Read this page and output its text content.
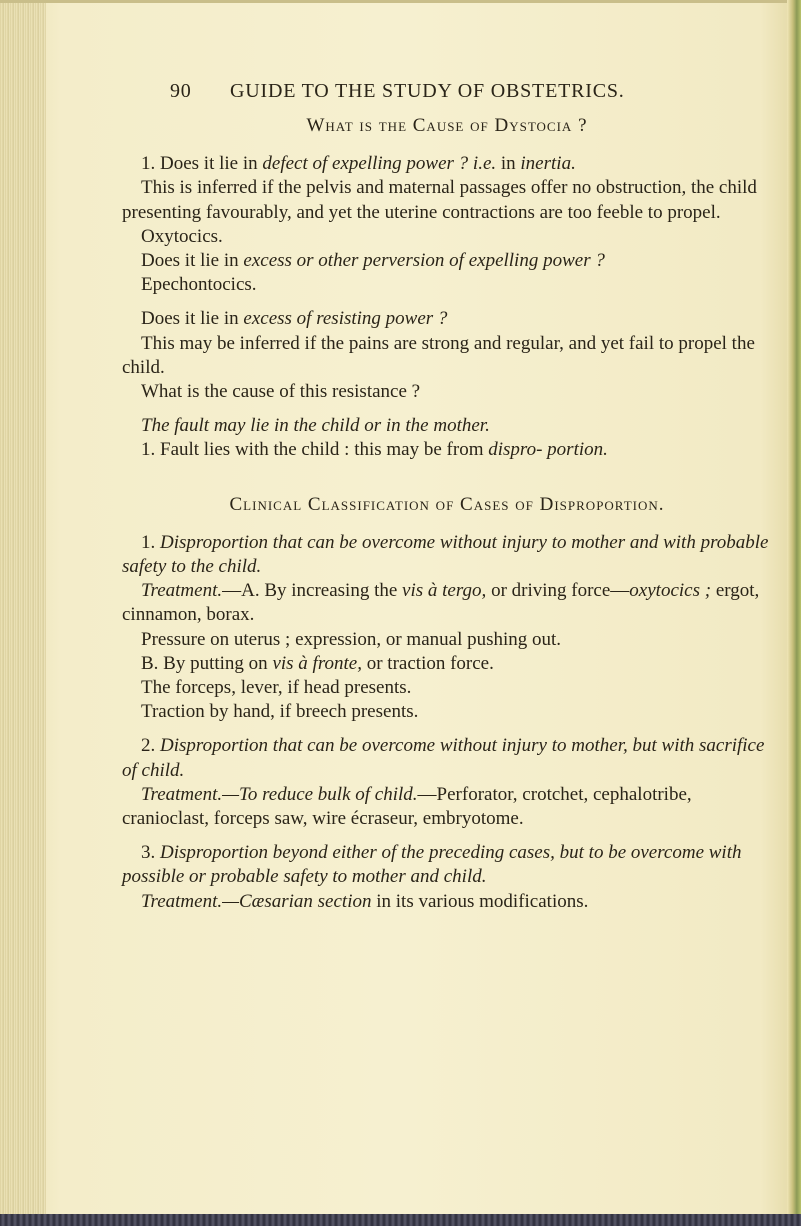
90 GUIDE TO THE STUDY OF OBSTETRICS.

What is the Cause of Dystocia ?

1. Does it lie in defect of expelling power ? i.e. in inertia.

This is inferred if the pelvis and maternal passages offer no obstruction, the child presenting favourably, and yet the uterine contractions are too feeble to propel.

Oxytocics.

Does it lie in excess or other perversion of expelling power ?

Epechontocics.

Does it lie in excess of resisting power ?

This may be inferred if the pains are strong and regular, and yet fail to propel the child.

What is the cause of this resistance ?

The fault may lie in the child or in the mother.

1. Fault lies with the child : this may be from dispro- portion.

Clinical Classification of Cases of Disproportion.

1. Disproportion that can be overcome without injury to mother and with probable safety to the child.

Treatment.—A. By increasing the vis à tergo, or driving force—oxytocics ; ergot, cinnamon, borax.

Pressure on uterus ; expression, or manual pushing out.

B. By putting on vis à fronte, or traction force.

The forceps, lever, if head presents.

Traction by hand, if breech presents.

2. Disproportion that can be overcome without injury to mother, but with sacrifice of child.

Treatment.—To reduce bulk of child.—Perforator, crotchet, cephalotribe, cranioclast, forceps saw, wire écraseur, embryotome.

3. Disproportion beyond either of the preceding cases, but to be overcome with possible or probable safety to mother and child.

Treatment.—Cæsarian section in its various modifications.
